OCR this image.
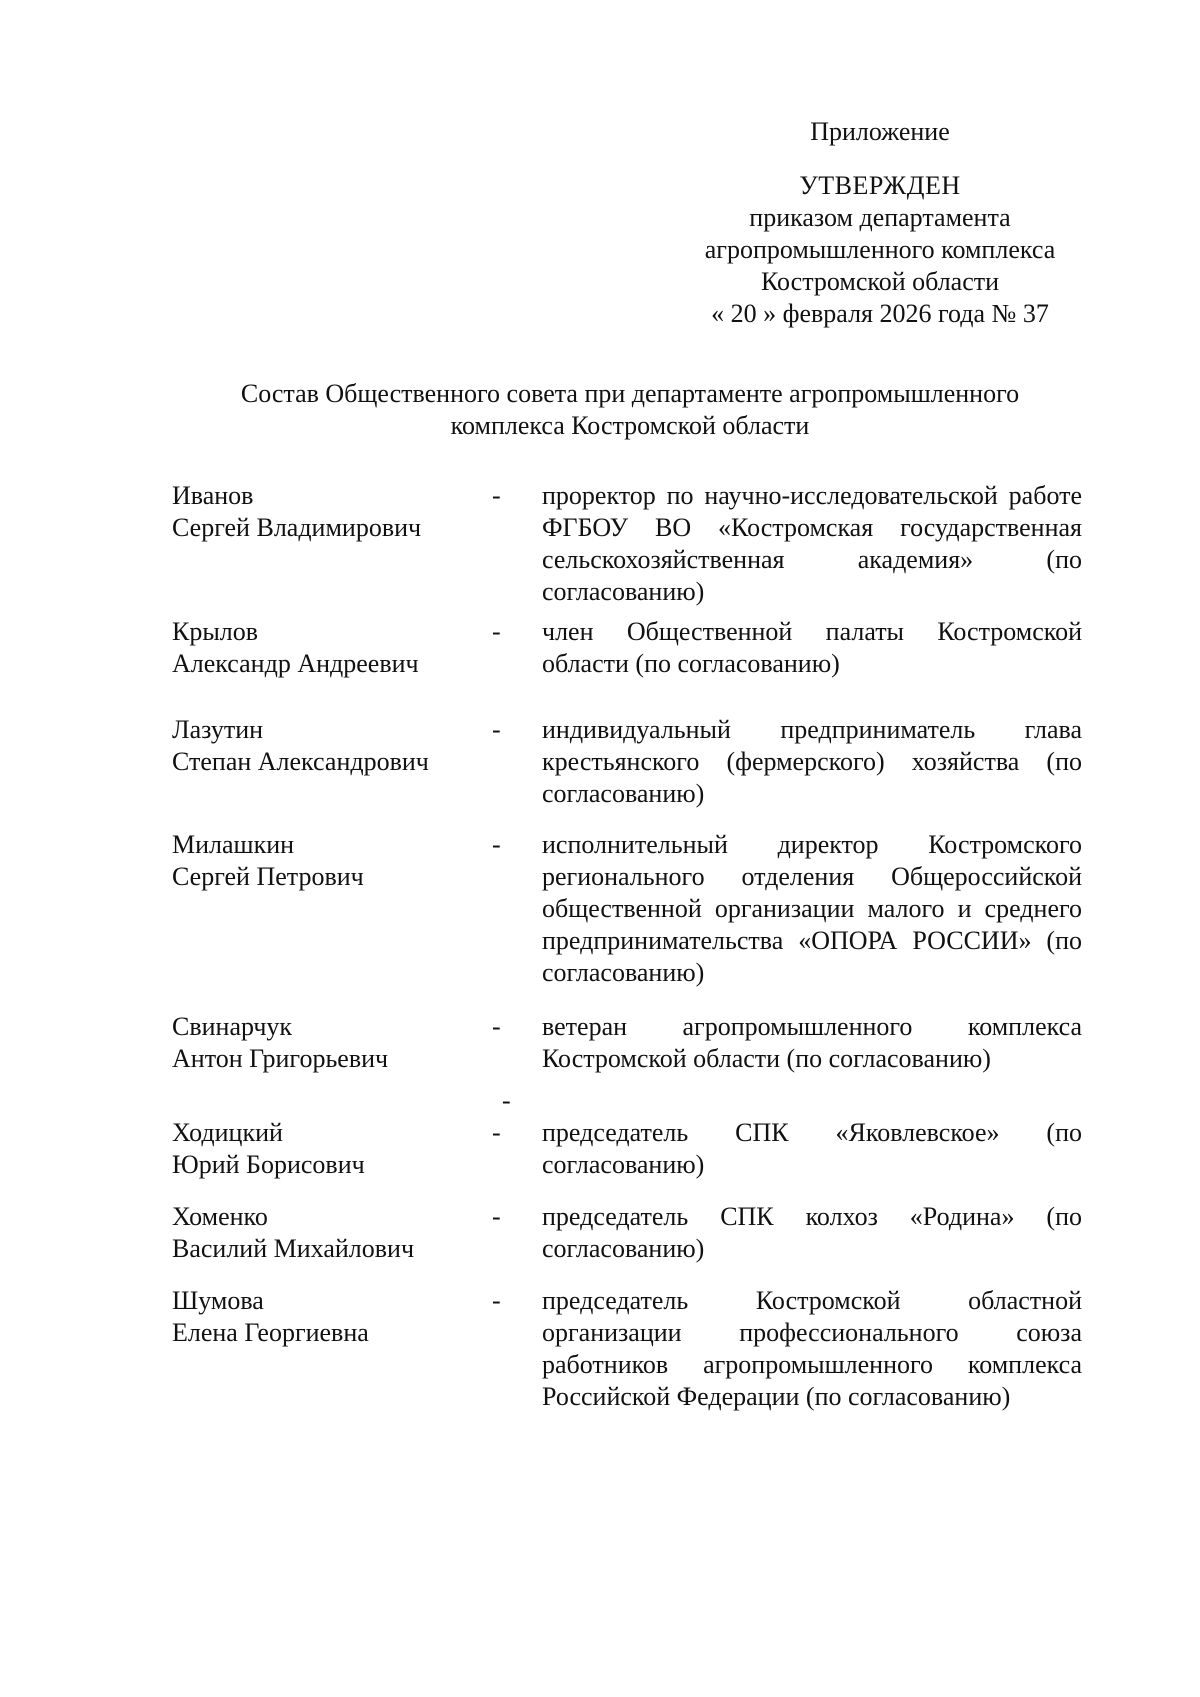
Приложение
УТВЕРЖДЕН
приказом департамента
агропромышленного комплекса
Костромской области
« 20 » февраля 2026 года № 37
Состав Общественного совета при департаменте агропромышленного
комплекса Костромской области
Иванов
Сергей Владимирович
-	проректор по научно-исследовательской работе ФГБОУ ВО «Костромская государственная сельскохозяйственная академия» (по согласованию)
Крылов
Александр Андреевич
-	член Общественной палаты Костромской области (по согласованию)
Лазутин
Степан Александрович
-	индивидуальный предприниматель глава крестьянского (фермерского) хозяйства (по согласованию)
Милашкин
Сергей Петрович
-	исполнительный директор Костромского регионального отделения Общероссийской общественной организации малого и среднего предпринимательства «ОПОРА РОССИИ» (по согласованию)
Свинарчук
Антон Григорьевич
-	ветеран агропромышленного комплекса Костромской области (по согласованию)
-
Ходицкий
Юрий Борисович
-	председатель СПК «Яковлевское» (по согласованию)
Хоменко
Василий Михайлович
-	председатель СПК колхоз «Родина» (по согласованию)
Шумова
Елена Георгиевна
-	председатель Костромской областной организации профессионального союза работников агропромышленного комплекса Российской Федерации (по согласованию)
